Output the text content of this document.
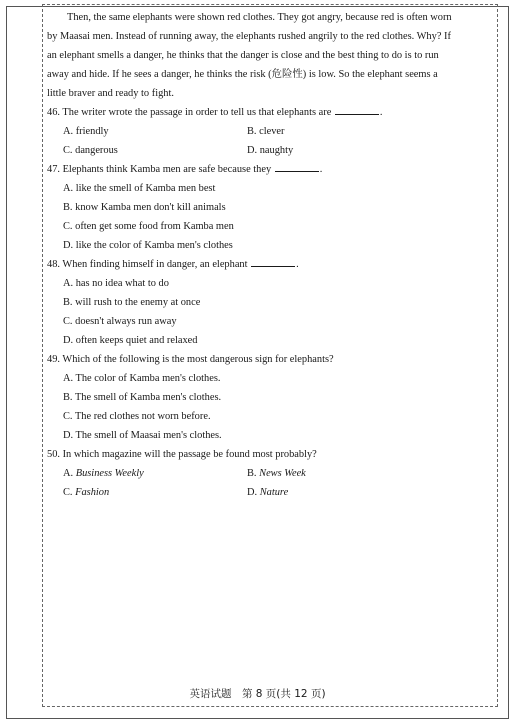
Then, the same elephants were shown red clothes. They got angry, because red is often worn

by Maasai men. Instead of running away, the elephants rushed angrily to the red clothes. Why? If

an elephant smells a danger, he thinks that the danger is close and the best thing to do is to run

away and hide. If he sees a danger, he thinks the risk (危险性) is low. So the elephant seems a

little braver and ready to fight.

46. The writer wrote the passage in order to tell us that elephants are	.

A. friendly	B. clever
C. dangerous	D. naughty

47. Elephants think Kamba men are safe because they	.

A. like the smell of Kamba men best

B. know Kamba men don't kill animals

C. often get some food from Kamba men

D. like the color of Kamba men's clothes

48. When finding himself in danger, an elephant	.

A. has no idea what to do

B. will rush to the enemy at once

C. doesn't always run away

D. often keeps quiet and relaxed

49. Which of the following is the most dangerous sign for elephants?

A. The color of Kamba men's clothes.

B. The smell of Kamba men's clothes.

C. The red clothes not worn before.

D. The smell of Maasai men's clothes.

50. In which magazine will the passage be found most probably?

A. Business Weekly	B. News Week
C. Fashion	D. Nature
英语试题　第 8 页(共 12 页)
